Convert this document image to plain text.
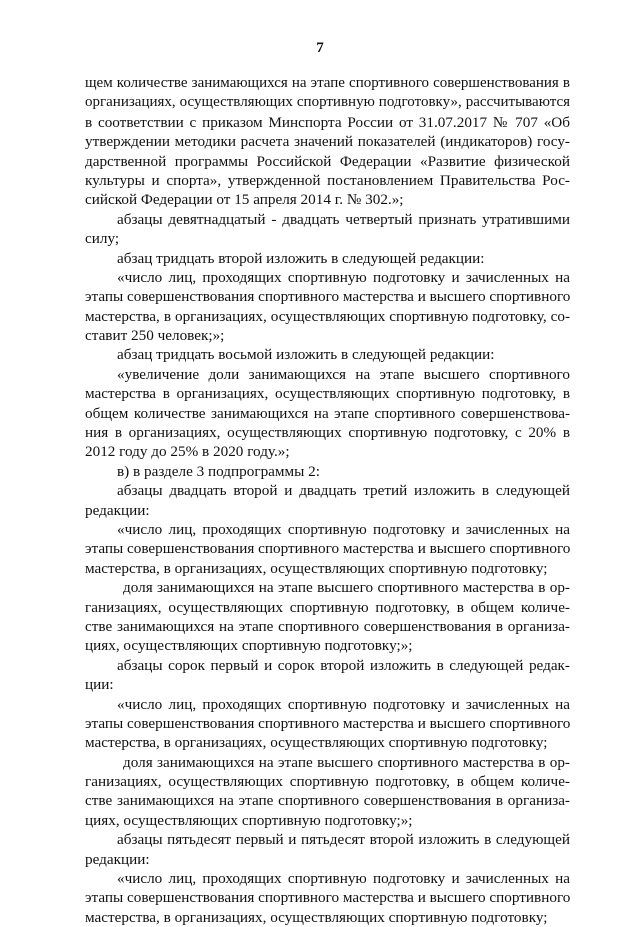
7
щем количестве занимающихся на этапе спортивного совершенствования в
организациях, осуществляющих спортивную подготовку», рассчитываются
в соответствии с приказом Минспорта России от 31.07.2017 № 707 «Об
утверждении методики расчета значений показателей (индикаторов) госу-
дарственной программы Российской Федерации «Развитие физической
культуры и спорта», утвержденной постановлением Правительства Рос-
сийской Федерации от 15 апреля 2014 г. № 302.»;
абзацы девятнадцатый - двадцать четвертый признать утратившими
силу;
абзац тридцать второй изложить в следующей редакции:
«число лиц, проходящих спортивную подготовку и зачисленных на
этапы совершенствования спортивного мастерства и высшего спортивного
мастерства, в организациях, осуществляющих спортивную подготовку, со-
ставит 250 человек;»;
абзац тридцать восьмой изложить в следующей редакции:
«увеличение доли занимающихся на этапе высшего спортивного
мастерства в организациях, осуществляющих спортивную подготовку, в
общем количестве занимающихся на этапе спортивного совершенствова-
ния в организациях, осуществляющих спортивную подготовку, с 20% в
2012 году до 25% в 2020 году.»;
в) в разделе 3 подпрограммы 2:
абзацы двадцать второй и двадцать третий изложить в следующей
редакции:
«число лиц, проходящих спортивную подготовку и зачисленных на
этапы совершенствования спортивного мастерства и высшего спортивного
мастерства, в организациях, осуществляющих спортивную подготовку;
доля занимающихся на этапе высшего спортивного мастерства в ор-
ганизациях, осуществляющих спортивную подготовку, в общем количе-
стве занимающихся на этапе спортивного совершенствования в организа-
циях, осуществляющих спортивную подготовку;»;
абзацы сорок первый и сорок второй изложить в следующей редак-
ции:
«число лиц, проходящих спортивную подготовку и зачисленных на
этапы совершенствования спортивного мастерства и высшего спортивного
мастерства, в организациях, осуществляющих спортивную подготовку;
доля занимающихся на этапе высшего спортивного мастерства в ор-
ганизациях, осуществляющих спортивную подготовку, в общем количе-
стве занимающихся на этапе спортивного совершенствования в организа-
циях, осуществляющих спортивную подготовку;»;
абзацы пятьдесят первый и пятьдесят второй изложить в следующей
редакции:
«число лиц, проходящих спортивную подготовку и зачисленных на
этапы совершенствования спортивного мастерства и высшего спортивного
мастерства, в организациях, осуществляющих спортивную подготовку;
